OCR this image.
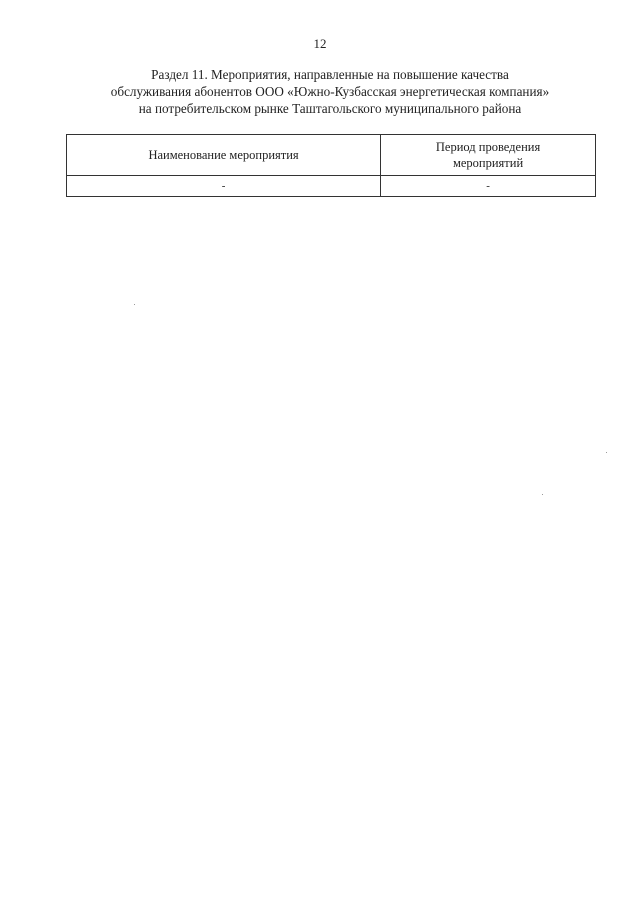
12
Раздел 11. Мероприятия, направленные на повышение качества
обслуживания абонентов ООО «Южно-Кузбасская энергетическая компания»
на потребительском рынке Таштагольского муниципального района
Наименование мероприятия	Период проведения
мероприятий

-	-
